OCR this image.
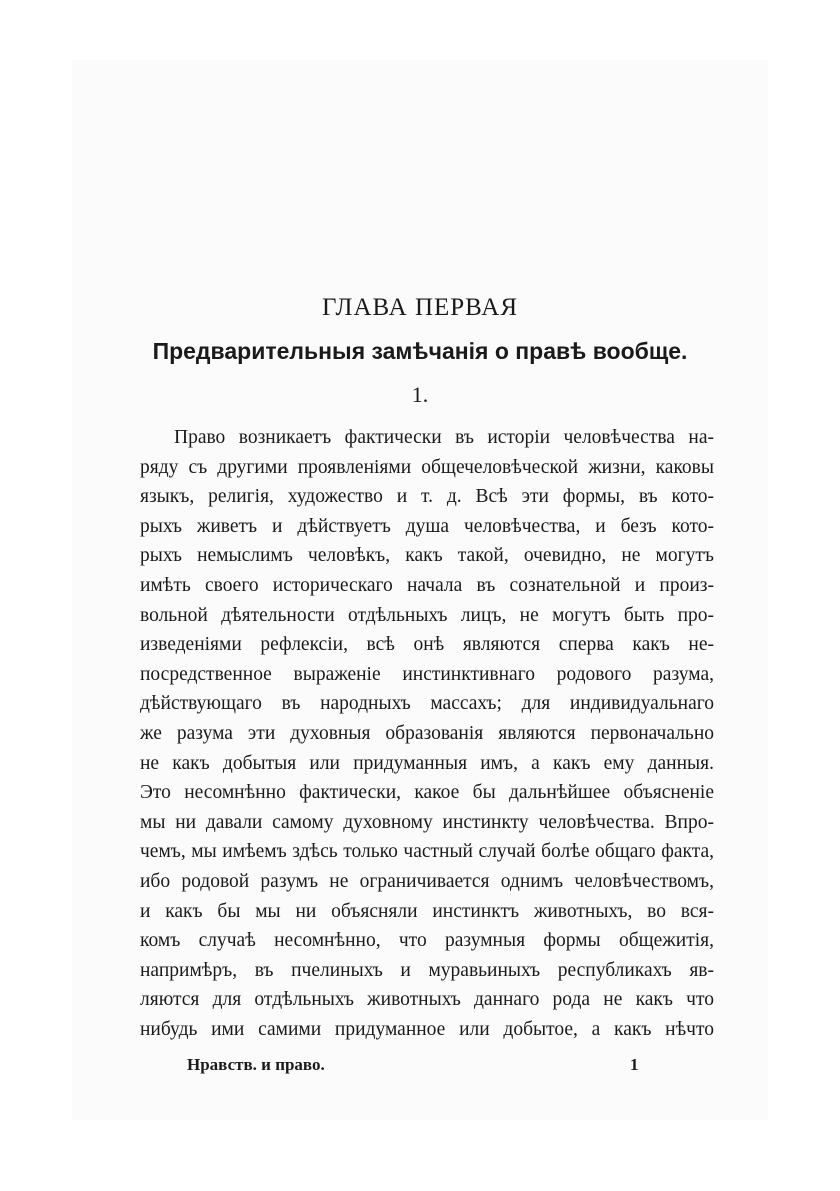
ГЛАВА ПЕРВАЯ
Предварительныя замѣчанія о правѣ вообще.
1.
Право возникаетъ фактически въ исторіи человѣчества на-
ряду съ другими проявленіями общечеловѣческой жизни, каковы
языкъ, религія, художество и т. д. Всѣ эти формы, въ кото-
рыхъ живетъ и дѣйствуетъ душа человѣчества, и безъ кото-
рыхъ немыслимъ человѣкъ, какъ такой, очевидно, не могутъ
имѣть своего историческаго начала въ сознательной и произ-
вольной дѣятельности отдѣльныхъ лицъ, не могутъ быть про-
изведеніями рефлексіи, всѣ онѣ являются сперва какъ не-
посредственное выраженіе инстинктивнаго родового разума,
дѣйствующаго въ народныхъ массахъ; для индивидуальнаго
же разума эти духовныя образованія являются первоначально
не какъ добытыя или придуманныя имъ, а какъ ему данныя.
Это несомнѣнно фактически, какое бы дальнѣйшее объясненіе
мы ни давали самому духовному инстинкту человѣчества. Впро-
чемъ, мы имѣемъ здѣсь только частный случай болѣе общаго факта,
ибо родовой разумъ не ограничивается однимъ человѣчествомъ,
и какъ бы мы ни объясняли инстинктъ животныхъ, во вся-
комъ случаѣ несомнѣнно, что разумныя формы общежитія,
напримѣръ, въ пчелиныхъ и муравьиныхъ республикахъ яв-
ляются для отдѣльныхъ животныхъ даннаго рода не какъ что
нибудь ими самими придуманное или добытое, а какъ нѣчто
Нравств. и право.	1
